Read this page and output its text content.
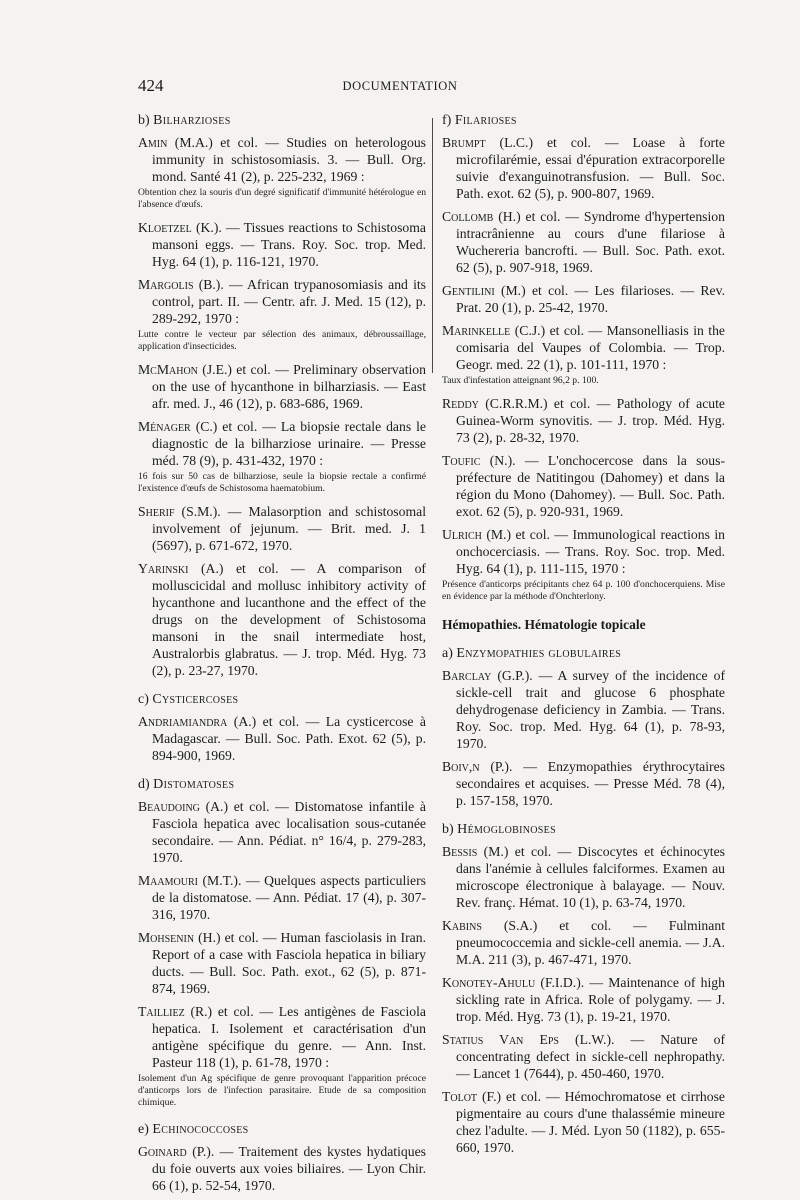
424	DOCUMENTATION
b) Bilharzioses
Amin (M.A.) et col. — Studies on heterologous immunity in schistosomiasis. 3. — Bull. Org. mond. Santé 41 (2), p. 225-232, 1969 :
Obtention chez la souris d'un degré significatif d'immunité hétérologue en l'absence d'œufs.
Kloetzel (K.). — Tissues reactions to Schistosoma mansoni eggs. — Trans. Roy. Soc. trop. Med. Hyg. 64 (1), p. 116-121, 1970.
Margolis (B.). — African trypanosomiasis and its control, part. II. — Centr. afr. J. Med. 15 (12), p. 289-292, 1970 :
Lutte contre le vecteur par sélection des animaux, débroussaillage, application d'insecticides.
McMahon (J.E.) et col. — Preliminary observation on the use of hycanthone in bilharziasis. — East afr. med. J., 46 (12), p. 683-686, 1969.
Ménager (C.) et col. — La biopsie rectale dans le diagnostic de la bilharziose urinaire. — Presse méd. 78 (9), p. 431-432, 1970 :
16 fois sur 50 cas de bilharziose, seule la biopsie rectale a confirmé l'existence d'œufs de Schistosoma haematobium.
Sherif (S.M.). — Malasorption and schistosomal involvement of jejunum. — Brit. med. J. 1 (5697), p. 671-672, 1970.
Yarinski (A.) et col. — A comparison of molluscicidal and mollusc inhibitory activity of hycanthone and lucanthone and the effect of the drugs on the development of Schistosoma mansoni in the snail intermediate host, Australorbis glabratus. — J. trop. Méd. Hyg. 73 (2), p. 23-27, 1970.
c) Cysticercoses
Andriamiandra (A.) et col. — La cysticercose à Madagascar. — Bull. Soc. Path. Exot. 62 (5), p. 894-900, 1969.
d) Distomatoses
Beaudoing (A.) et col. — Distomatose infantile à Fasciola hepatica avec localisation sous-cutanée secondaire. — Ann. Pédiat. n° 16/4, p. 279-283, 1970.
Maamouri (M.T.). — Quelques aspects particuliers de la distomatose. — Ann. Pédiat. 17 (4), p. 307-316, 1970.
Mohsenin (H.) et col. — Human fasciolasis in Iran. Report of a case with Fasciola hepatica in biliary ducts. — Bull. Soc. Path. exot., 62 (5), p. 871-874, 1969.
Tailliez (R.) et col. — Les antigènes de Fasciola hepatica. I. Isolement et caractérisation d'un antigène spécifique du genre. — Ann. Inst. Pasteur 118 (1), p. 61-78, 1970 :
Isolement d'un Ag spécifique de genre provoquant l'apparition précoce d'anticorps lors de l'infection parasitaire. Etude de sa composition chimique.
e) Echinococcoses
Goinard (P.). — Traitement des kystes hydatiques du foie ouverts aux voies biliaires. — Lyon Chir. 66 (1), p. 52-54, 1970.
f) Filarioses
Brumpt (L.C.) et col. — Loase à forte microfilarémie, essai d'épuration extracorporelle suivie d'exanguinotransfusion. — Bull. Soc. Path. exot. 62 (5), p. 900-807, 1969.
Collomb (H.) et col. — Syndrome d'hypertension intracrânienne au cours d'une filariose à Wuchereria bancrofti. — Bull. Soc. Path. exot. 62 (5), p. 907-918, 1969.
Gentilini (M.) et col. — Les filarioses. — Rev. Prat. 20 (1), p. 25-42, 1970.
Marinkelle (C.J.) et col. — Mansonelliasis in the comisaria del Vaupes of Colombia. — Trop. Geogr. med. 22 (1), p. 101-111, 1970 :
Taux d'infestation atteignant 96,2 p. 100.
Reddy (C.R.R.M.) et col. — Pathology of acute Guinea-Worm synovitis. — J. trop. Méd. Hyg. 73 (2), p. 28-32, 1970.
Toufic (N.). — L'onchocercose dans la sous-préfecture de Natitingou (Dahomey) et dans la région du Mono (Dahomey). — Bull. Soc. Path. exot. 62 (5), p. 920-931, 1969.
Ulrich (M.) et col. — Immunological reactions in onchocerciasis. — Trans. Roy. Soc. trop. Med. Hyg. 64 (1), p. 111-115, 1970 :
Présence d'anticorps précipitants chez 64 p. 100 d'onchocerquiens. Mise en évidence par la méthode d'Onchterlony.
Hémopathies. Hématologie topicale
a) Enzymopathies globulaires
Barclay (G.P.). — A survey of the incidence of sickle-cell trait and glucose 6 phosphate dehydrogenase deficiency in Zambia. — Trans. Roy. Soc. trop. Med. Hyg. 64 (1), p. 78-93, 1970.
Boiv,n (P.). — Enzymopathies érythrocytaires secondaires et acquises. — Presse Méd. 78 (4), p. 157-158, 1970.
b) Hémoglobinoses
Bessis (M.) et col. — Discocytes et échinocytes dans l'anémie à cellules falciformes. Examen au microscope électronique à balayage. — Nouv. Rev. franç. Hémat. 10 (1), p. 63-74, 1970.
Kabins (S.A.) et col. — Fulminant pneumococcemia and sickle-cell anemia. — J.A. M.A. 211 (3), p. 467-471, 1970.
Konotey-Ahulu (F.I.D.). — Maintenance of high sickling rate in Africa. Role of polygamy. — J. trop. Méd. Hyg. 73 (1), p. 19-21, 1970.
Statius Van Eps (L.W.). — Nature of concentrating defect in sickle-cell nephropathy. — Lancet 1 (7644), p. 450-460, 1970.
Tolot (F.) et col. — Hémochromatose et cirrhose pigmentaire au cours d'une thalassémie mineure chez l'adulte. — J. Méd. Lyon 50 (1182), p. 655-660, 1970.
